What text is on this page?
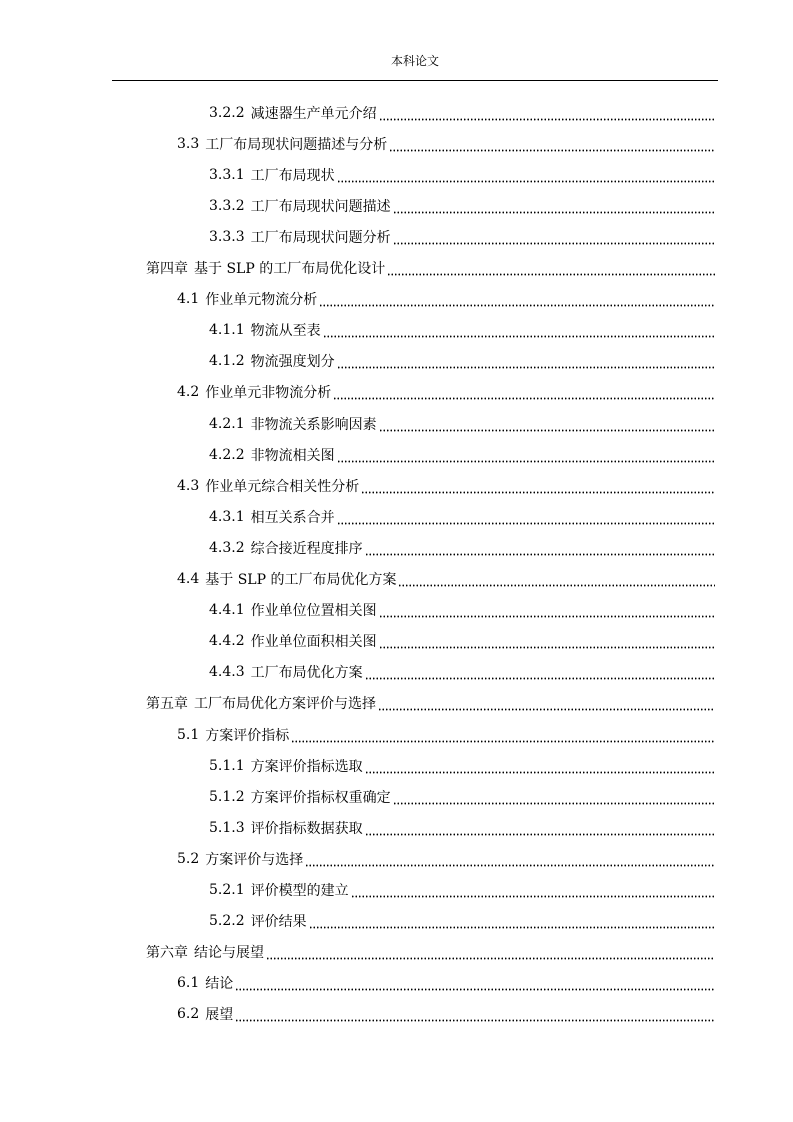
本科论文
3.2.2 减速器生产单元介绍
3.3 工厂布局现状问题描述与分析
3.3.1 工厂布局现状
3.3.2 工厂布局现状问题描述
3.3.3 工厂布局现状问题分析
第四章 基于 SLP 的工厂布局优化设计
4.1 作业单元物流分析
4.1.1 物流从至表
4.1.2 物流强度划分
4.2 作业单元非物流分析
4.2.1 非物流关系影响因素
4.2.2 非物流相关图
4.3 作业单元综合相关性分析
4.3.1 相互关系合并
4.3.2 综合接近程度排序
4.4 基于 SLP 的工厂布局优化方案
4.4.1 作业单位位置相关图
4.4.2 作业单位面积相关图
4.4.3 工厂布局优化方案
第五章 工厂布局优化方案评价与选择
5.1 方案评价指标
5.1.1 方案评价指标选取
5.1.2 方案评价指标权重确定
5.1.3 评价指标数据获取
5.2 方案评价与选择
5.2.1 评价模型的建立
5.2.2 评价结果
第六章 结论与展望
6.1 结论
6.2 展望
